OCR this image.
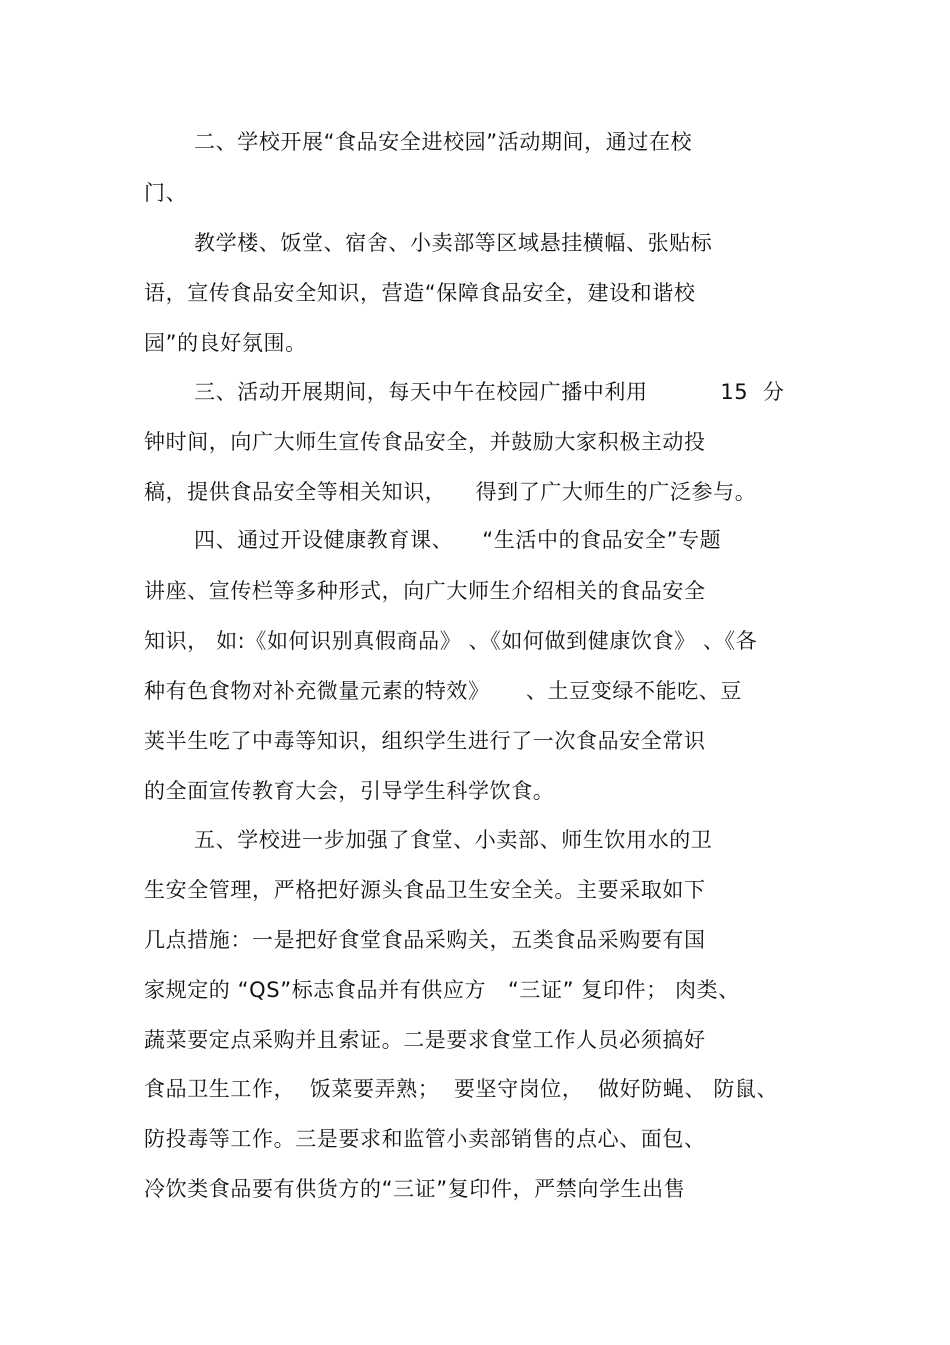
二、学校开展“食品安全进校园”活动期间，通过在校
门、
教学楼、饭堂、宿舍、小卖部等区域悬挂横幅、张贴标
语，宣传食品安全知识，营造“保障食品安全，建设和谐校
园”的良好氛围。
三、活动开展期间，每天中午在校园广播中利用          15  分
钟时间，向广大师生宣传食品安全，并鼓励大家积极主动投
稿，提供食品安全等相关知识，    得到了广大师生的广泛参与。
四、通过开设健康教育课、    “生活中的食品安全”专题
讲座、宣传栏等多种形式，向广大师生介绍相关的食品安全
知识， 如:《如何识别真假商品》 、《如何做到健康饮食》 、《各
种有色食物对补充微量元素的特效》     、土豆变绿不能吃、豆
荚半生吃了中毒等知识，组织学生进行了一次食品安全常识
的全面宣传教育大会，引导学生科学饮食。
五、学校进一步加强了食堂、小卖部、师生饮用水的卫
生安全管理，严格把好源头食品卫生安全关。主要采取如下
几点措施：一是把好食堂食品采购关，五类食品采购要有国
家规定的 “QS”标志食品并有供应方   “三证” 复印件； 肉类、
蔬菜要定点采购并且索证。二是要求食堂工作人员必须搞好
食品卫生工作，  饭菜要弄熟；  要坚守岗位，  做好防蝇、 防鼠、
防投毒等工作。三是要求和监管小卖部销售的点心、面包、
冷饮类食品要有供货方的“三证”复印件，严禁向学生出售
